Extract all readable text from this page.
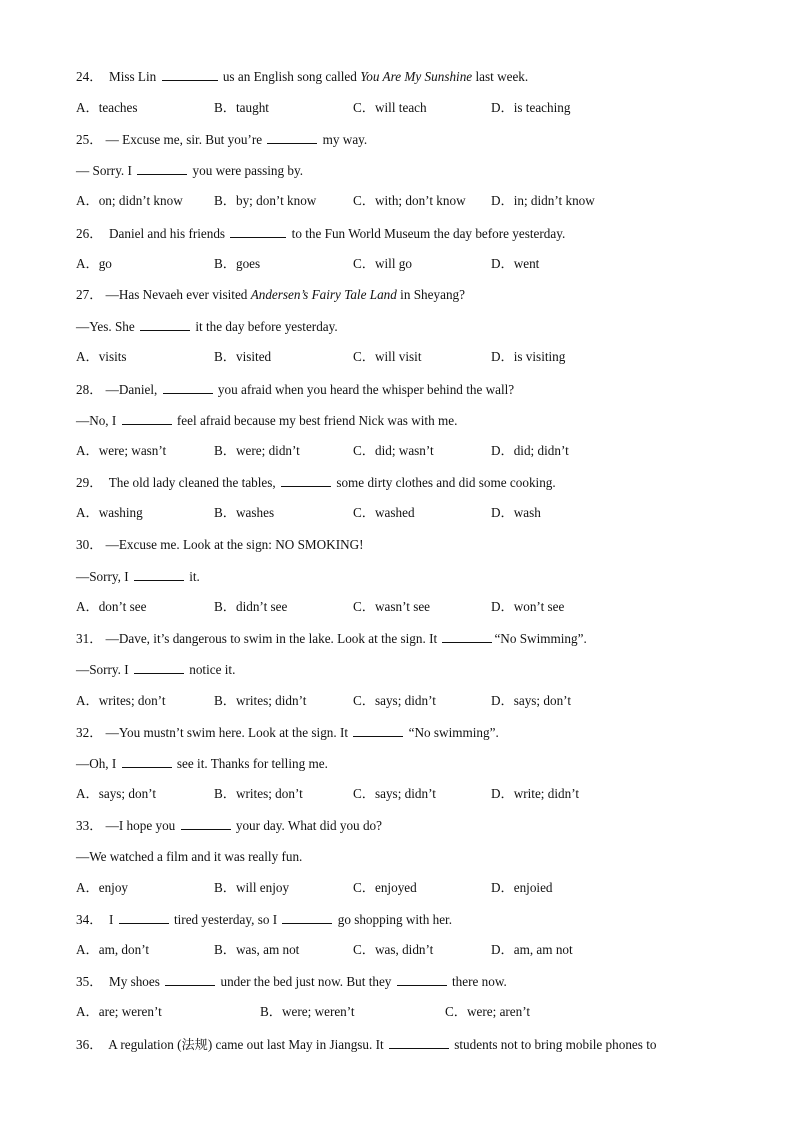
24． Miss Lin	us an English song called You Are My Sunshine last week.
A．teaches	B．taught	C．will teach	D．is teaching
25． — Excuse me, sir. But you’re	my way.
— Sorry. I	you were passing by.
A．on; didn’t know B．by; don’t know	C．with; don’t know D．in; didn’t know
26． Daniel and his friends	to the Fun World Museum the day before yesterday.
A．go	B．goes	C．will go	D．went
27． —Has Nevaeh ever visited Andersen’s Fairy Tale Land in Sheyang?
—Yes. She	it the day before yesterday.
A．visits	B．visited	C．will visit	D．is visiting
28． —Daniel,	you afraid when you heard the whisper behind the wall?
—No, I	feel afraid because my best friend Nick was with me.
A．were; wasn’t	B．were; didn’t	C．did; wasn’t	D．did; didn’t
29． The old lady cleaned the tables,	some dirty clothes and did some cooking.
A．washing	B．washes	C．washed	D．wash
30． —Excuse me. Look at the sign: NO SMOKING!
—Sorry, I	it.
A．don’t see	B．didn’t see	C．wasn’t see	D．won’t see
31． —Dave, it’s dangerous to swim in the lake. Look at the sign. It	“No Swimming”.
—Sorry. I	notice it.
A．writes; don’t	B．writes; didn’t	C．says; didn’t	D．says; don’t
32． —You mustn’t swim here. Look at the sign. It	“No swimming”.
—Oh, I	see it. Thanks for telling me.
A．says; don’t	B．writes; don’t	C．says; didn’t	D．write; didn’t
33． —I hope you	your day. What did you do?
—We watched a film and it was really fun.
A．enjoy	B．will enjoy	C．enjoyed	D．enjoied
34． I	tired yesterday, so I	go shopping with her.
A．am, don’t	B．was, am not	C．was, didn’t	D．am, am not
35． My shoes	under the bed just now. But they	there now.
A．are; weren’t	B．were; weren’t	C．were; aren’t
36． A regulation (法规) came out last May in Jiangsu. It	students not to bring mobile phones to
